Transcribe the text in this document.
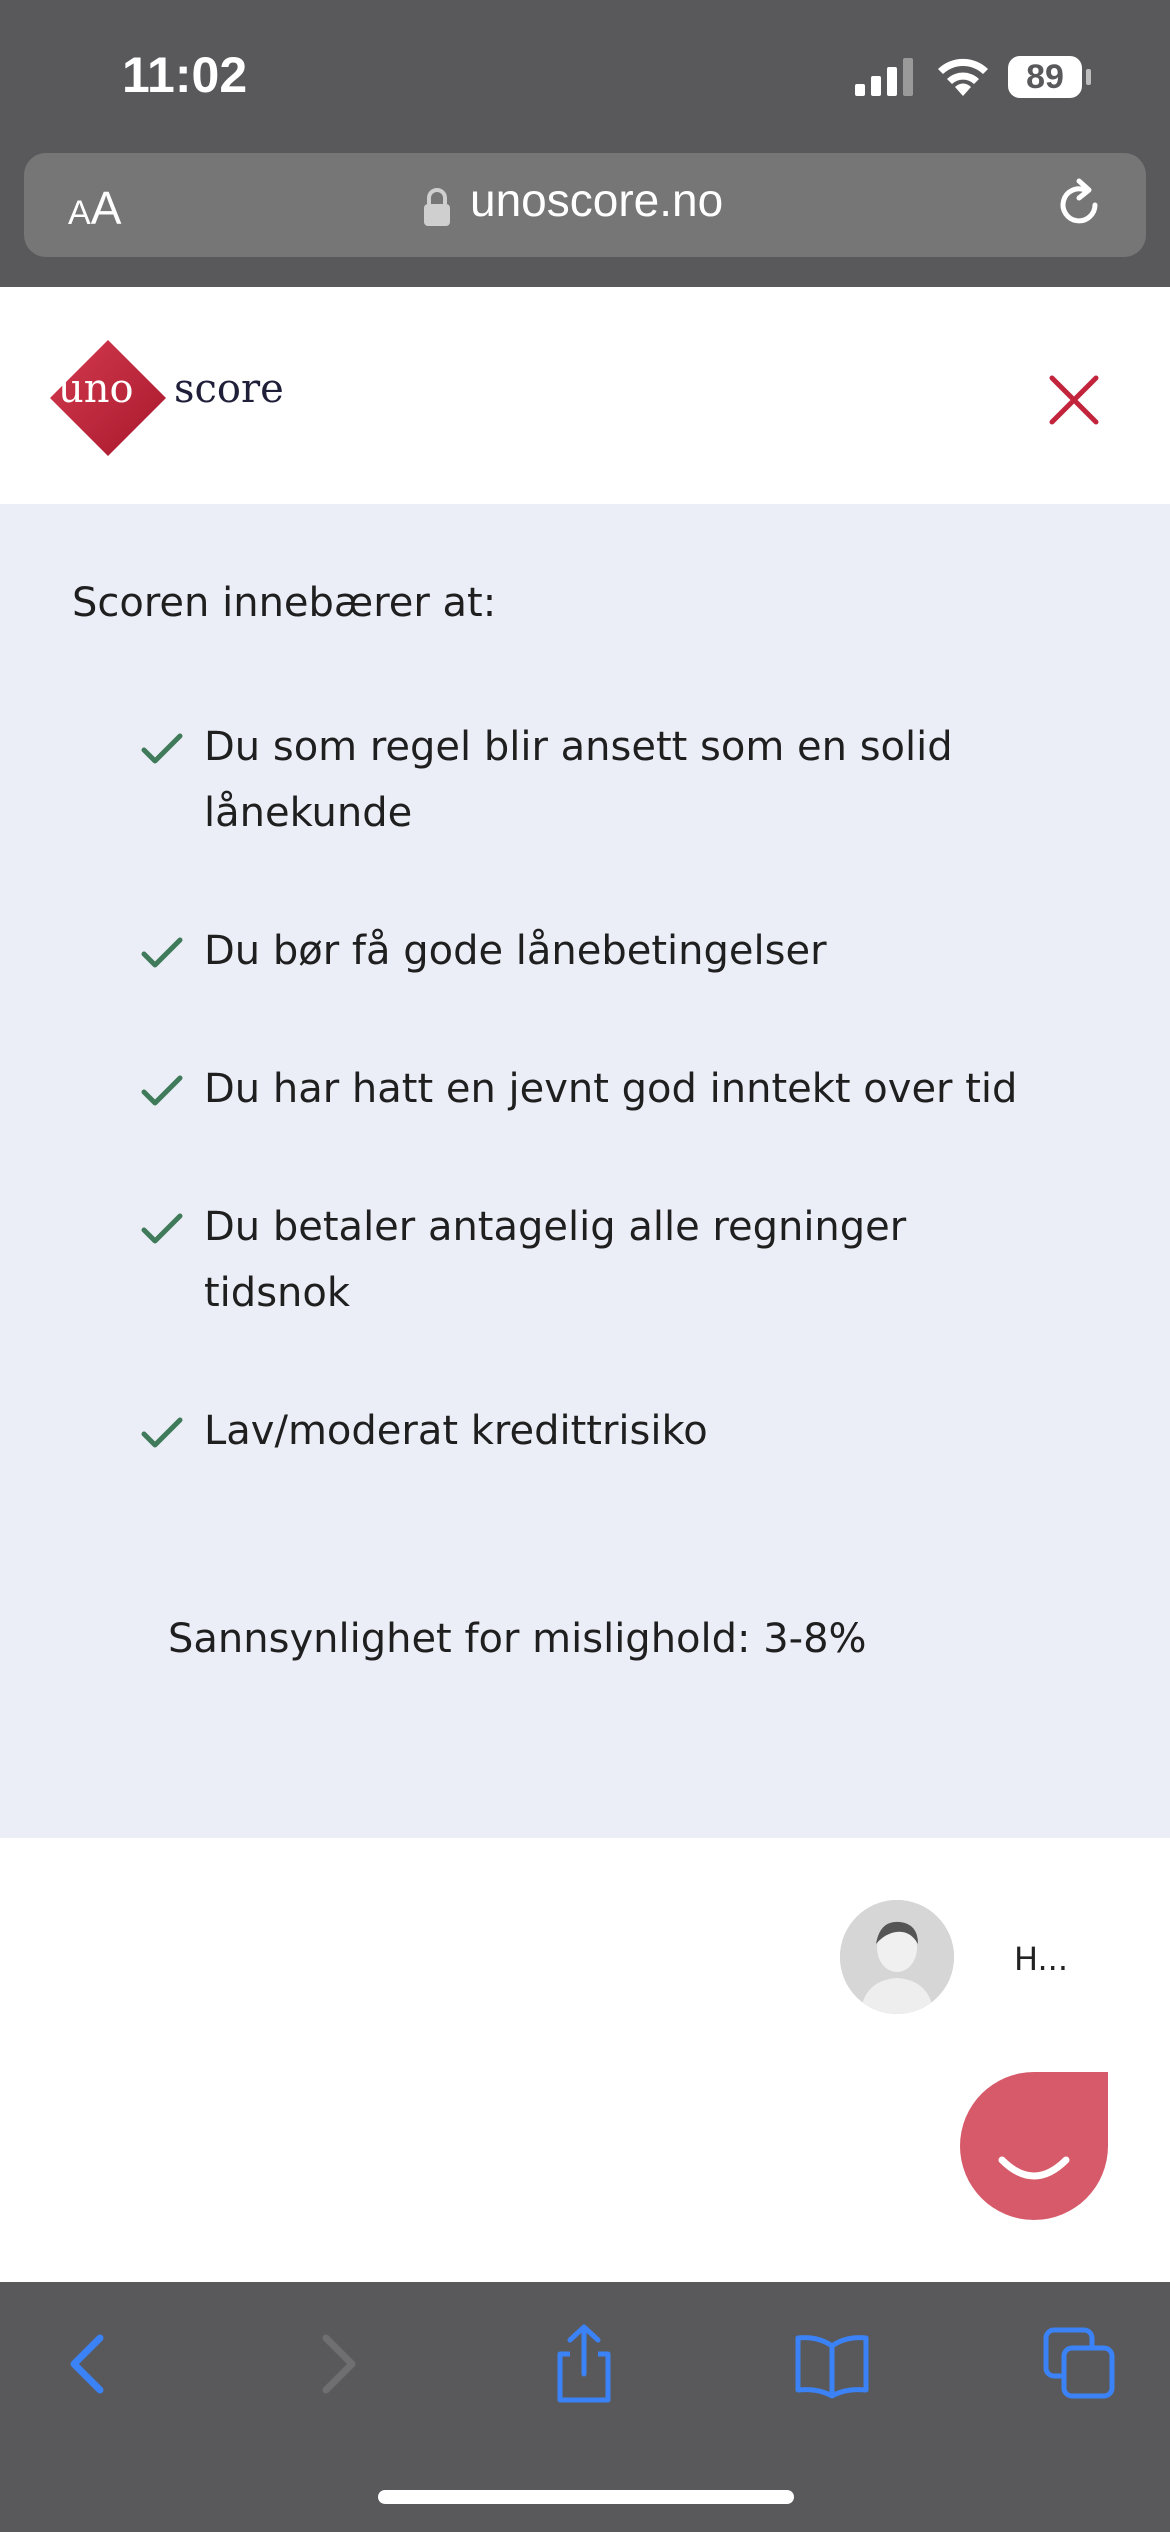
11:02	89
AA	unoscore.no
uno score
Scoren innebærer at:
Du som regel blir ansett som en solid lånekunde
Du bør få gode lånebetingelser
Du har hatt en jevnt god inntekt over tid
Du betaler antagelig alle regninger tidsnok
Lav/moderat kredittrisiko
Sannsynlighet for mislighold: 3-8%
H...
